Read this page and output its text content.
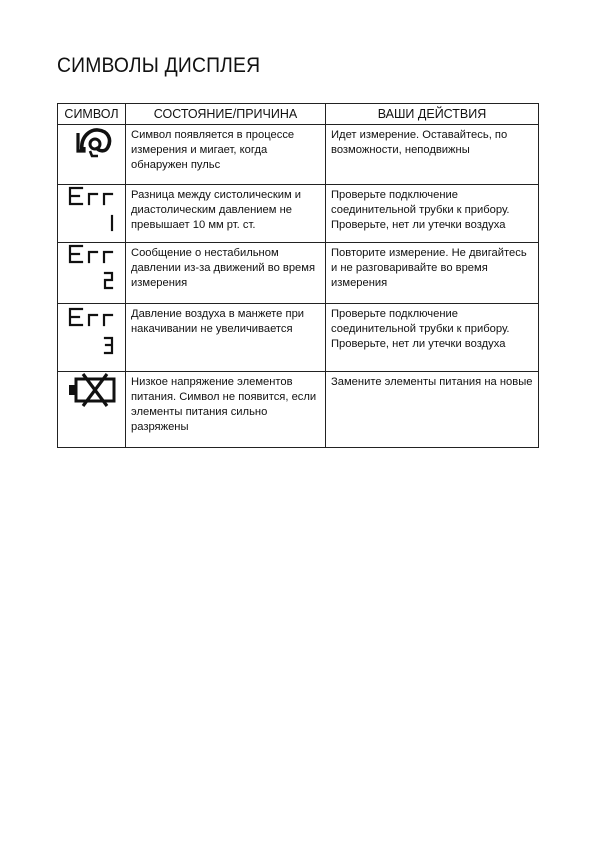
СИМВОЛЫ ДИСПЛЕЯ
СИМВОЛ	СОСТОЯНИЕ/ПРИЧИНА	ВАШИ ДЕЙСТВИЯ

	Символ появляется в процессе измерения и мигает, когда обнаружен пульс	Идет измерение. Оставайтесь, по возможности, неподвижны

Err	Разница между систолическим и диастолическим давлением не превышает 10 мм рт. ст.	Проверьте подключение соединительной трубки к прибору. Проверьте, нет ли утечки воздуха

Err	Сообщение о нестабильном давлении из-за движений во время измерения	Повторите измерение. Не двигайтесь и не разговаривайте во время измерения

Err	Давление воздуха в манжете при накачивании не увеличивается	Проверьте подключение соединительной трубки к прибору. Проверьте, нет ли утечки воздуха

	Низкое напряжение элементов питания. Символ не появится, если элементы питания сильно разряжены	Замените элементы питания на новые
